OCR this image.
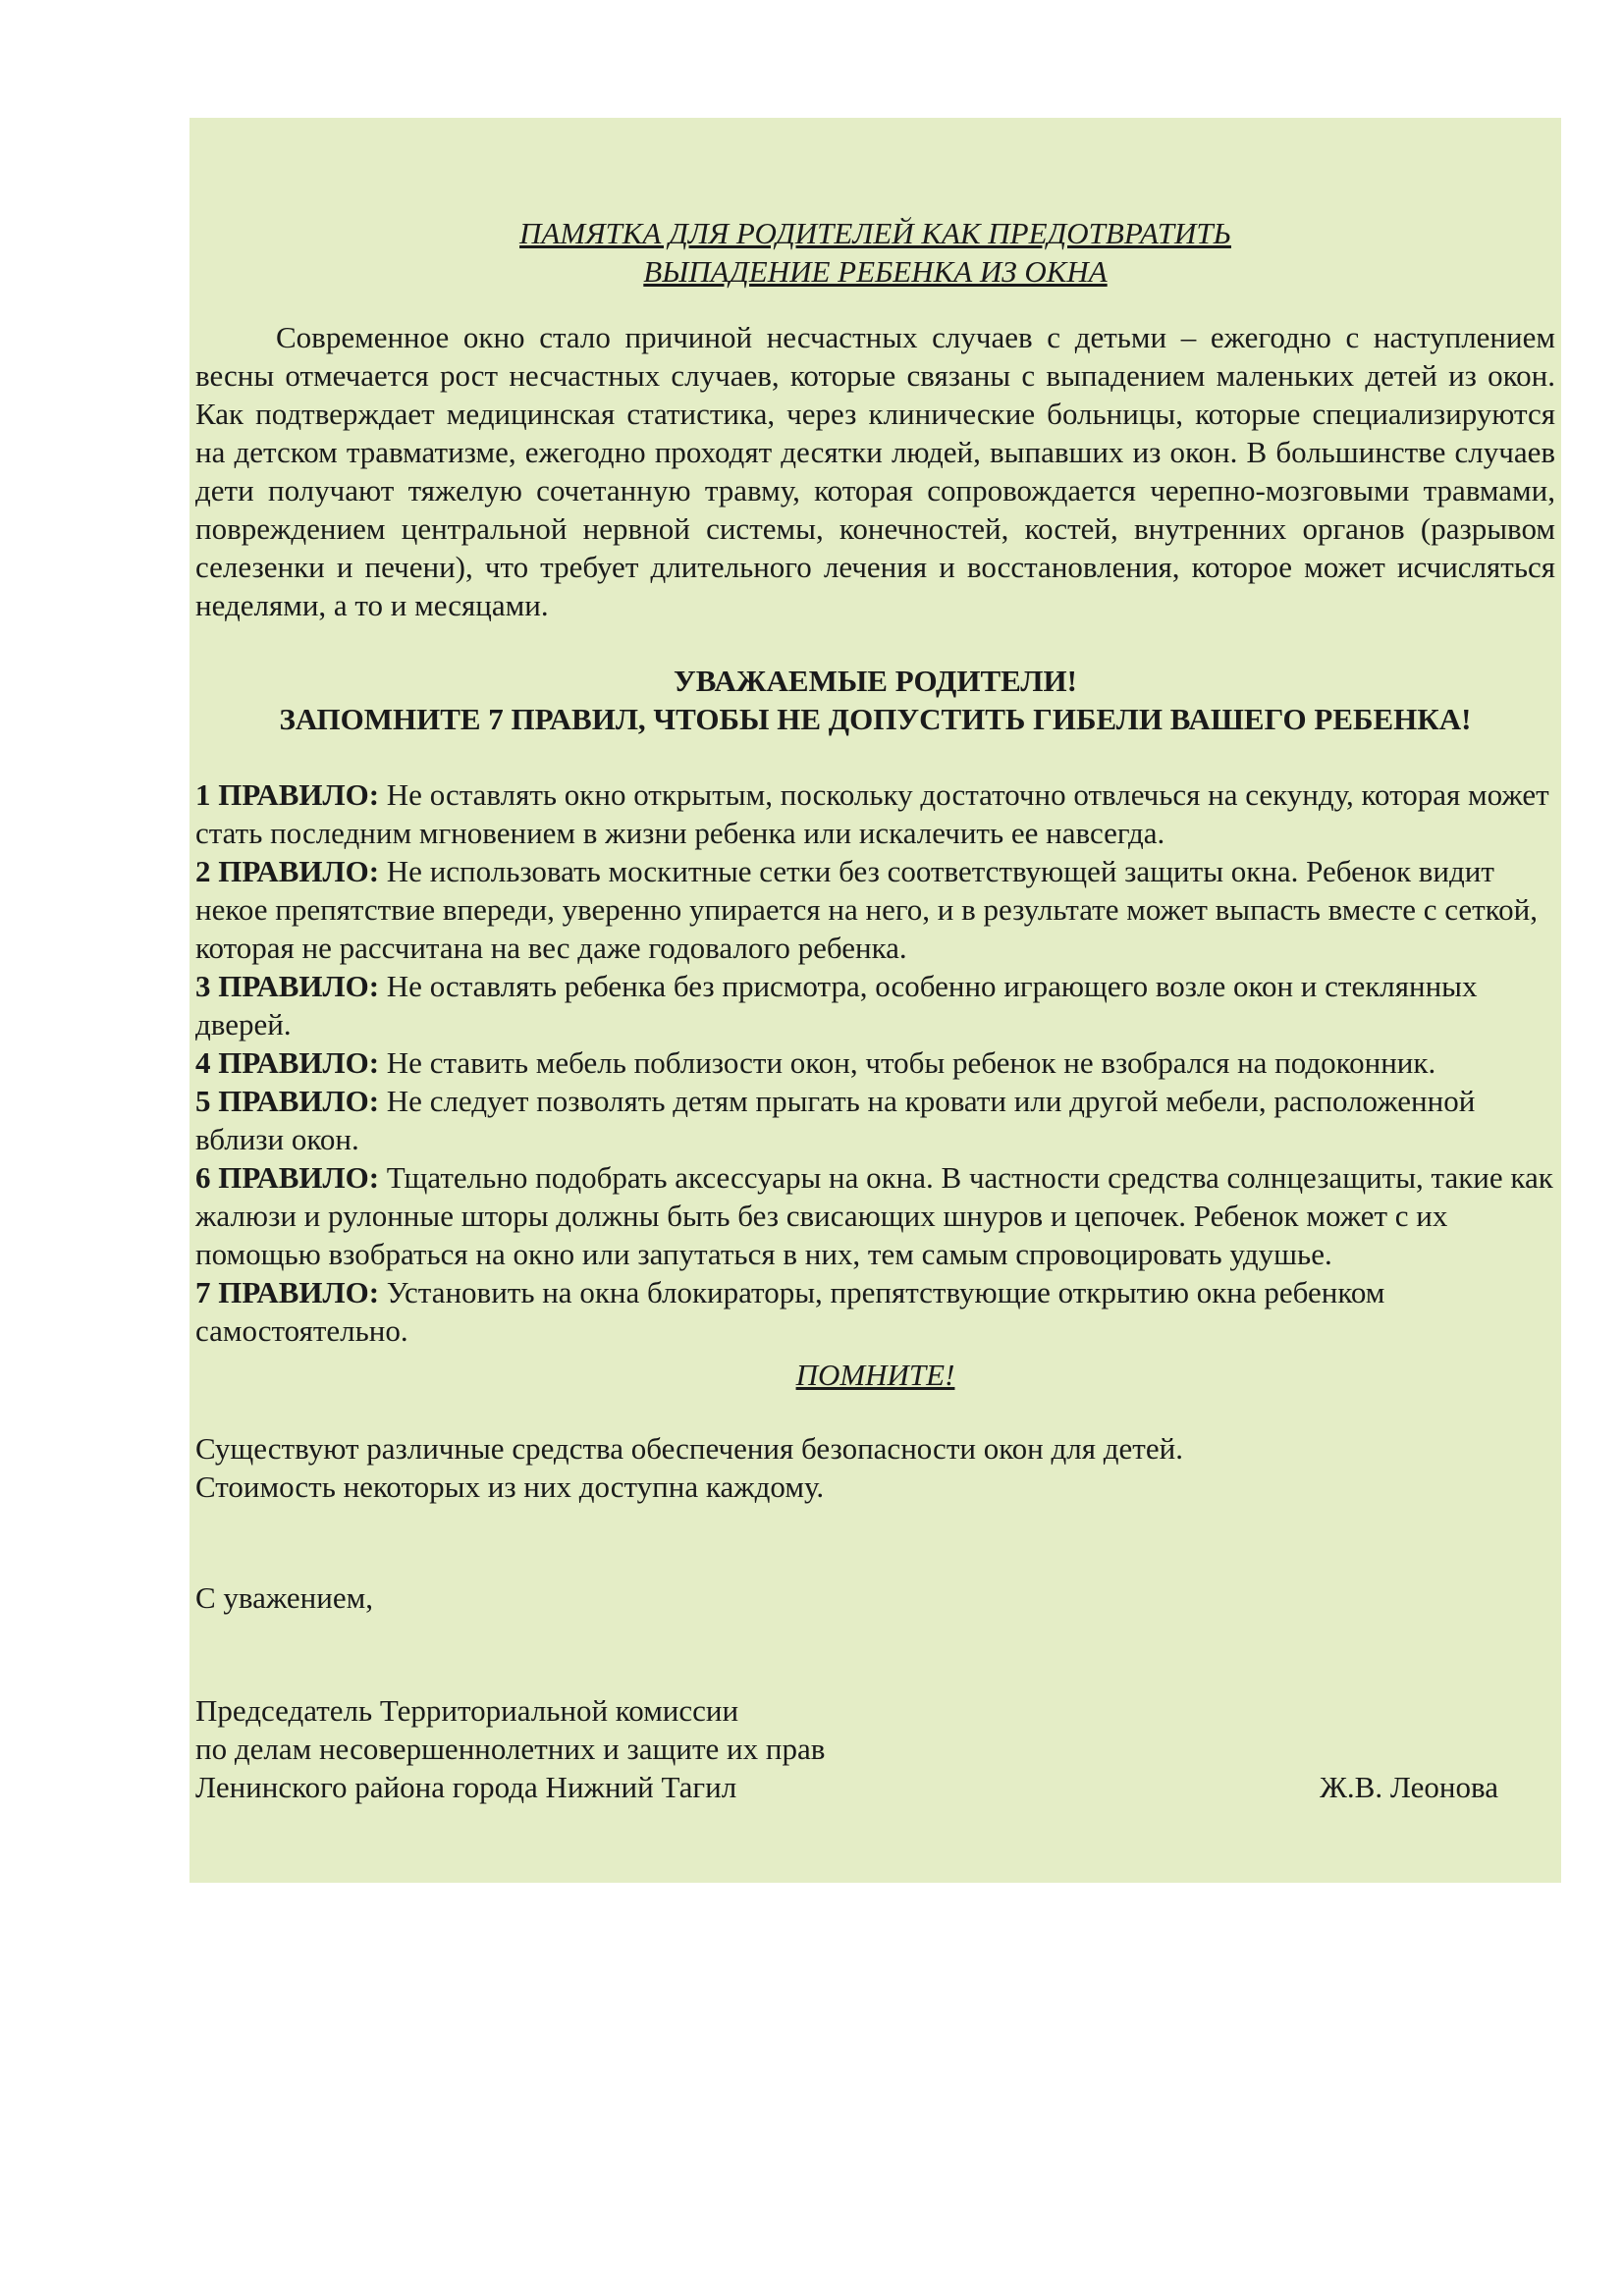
ПАМЯТКА ДЛЯ РОДИТЕЛЕЙ КАК ПРЕДОТВРАТИТЬ
ВЫПАДЕНИЕ РЕБЕНКА ИЗ ОКНА

Современное окно стало причиной несчастных случаев с детьми – ежегодно с наступлением весны отмечается рост несчастных случаев, которые связаны с выпадением маленьких детей из окон. Как подтверждает медицинская статистика, через клинические больницы, которые специализируются на детском травматизме, ежегодно проходят десятки людей, выпавших из окон. В большинстве случаев дети получают тяжелую сочетанную травму, которая сопровождается черепно-мозговыми травмами, повреждением центральной нервной системы, конечностей, костей, внутренних органов (разрывом селезенки и печени), что требует длительного лечения и восстановления, которое может исчисляться неделями, а то и месяцами.

УВАЖАЕМЫЕ РОДИТЕЛИ!
ЗАПОМНИТЕ 7 ПРАВИЛ, ЧТОБЫ НЕ ДОПУСТИТЬ ГИБЕЛИ ВАШЕГО РЕБЕНКА!
1 ПРАВИЛО: Не оставлять окно открытым, поскольку достаточно отвлечься на секунду, которая может стать последним мгновением в жизни ребенка или искалечить ее навсегда.
2 ПРАВИЛО: Не использовать москитные сетки без соответствующей защиты окна. Ребенок видит некое препятствие впереди, уверенно упирается на него, и в результате может выпасть вместе с сеткой, которая не рассчитана на вес даже годовалого ребенка.
3 ПРАВИЛО: Не оставлять ребенка без присмотра, особенно играющего возле окон и стеклянных дверей.
4 ПРАВИЛО: Не ставить мебель поблизости окон, чтобы ребенок не взобрался на подоконник.
5 ПРАВИЛО: Не следует позволять детям прыгать на кровати или другой мебели, расположенной вблизи окон.
6 ПРАВИЛО: Тщательно подобрать аксессуары на окна. В частности средства солнцезащиты, такие как жалюзи и рулонные шторы должны быть без свисающих шнуров и цепочек. Ребенок может с их помощью взобраться на окно или запутаться в них, тем самым спровоцировать удушье.
7 ПРАВИЛО: Установить на окна блокираторы, препятствующие открытию окна ребенком самостоятельно.

ПОМНИТЕ!

Существуют различные средства обеспечения безопасности окон для детей.
Стоимость некоторых из них доступна каждому.

С уважением,

Председатель Территориальной комиссии
по делам несовершеннолетних и защите их прав
Ленинского района города Нижний Тагил	Ж.В. Леонова
